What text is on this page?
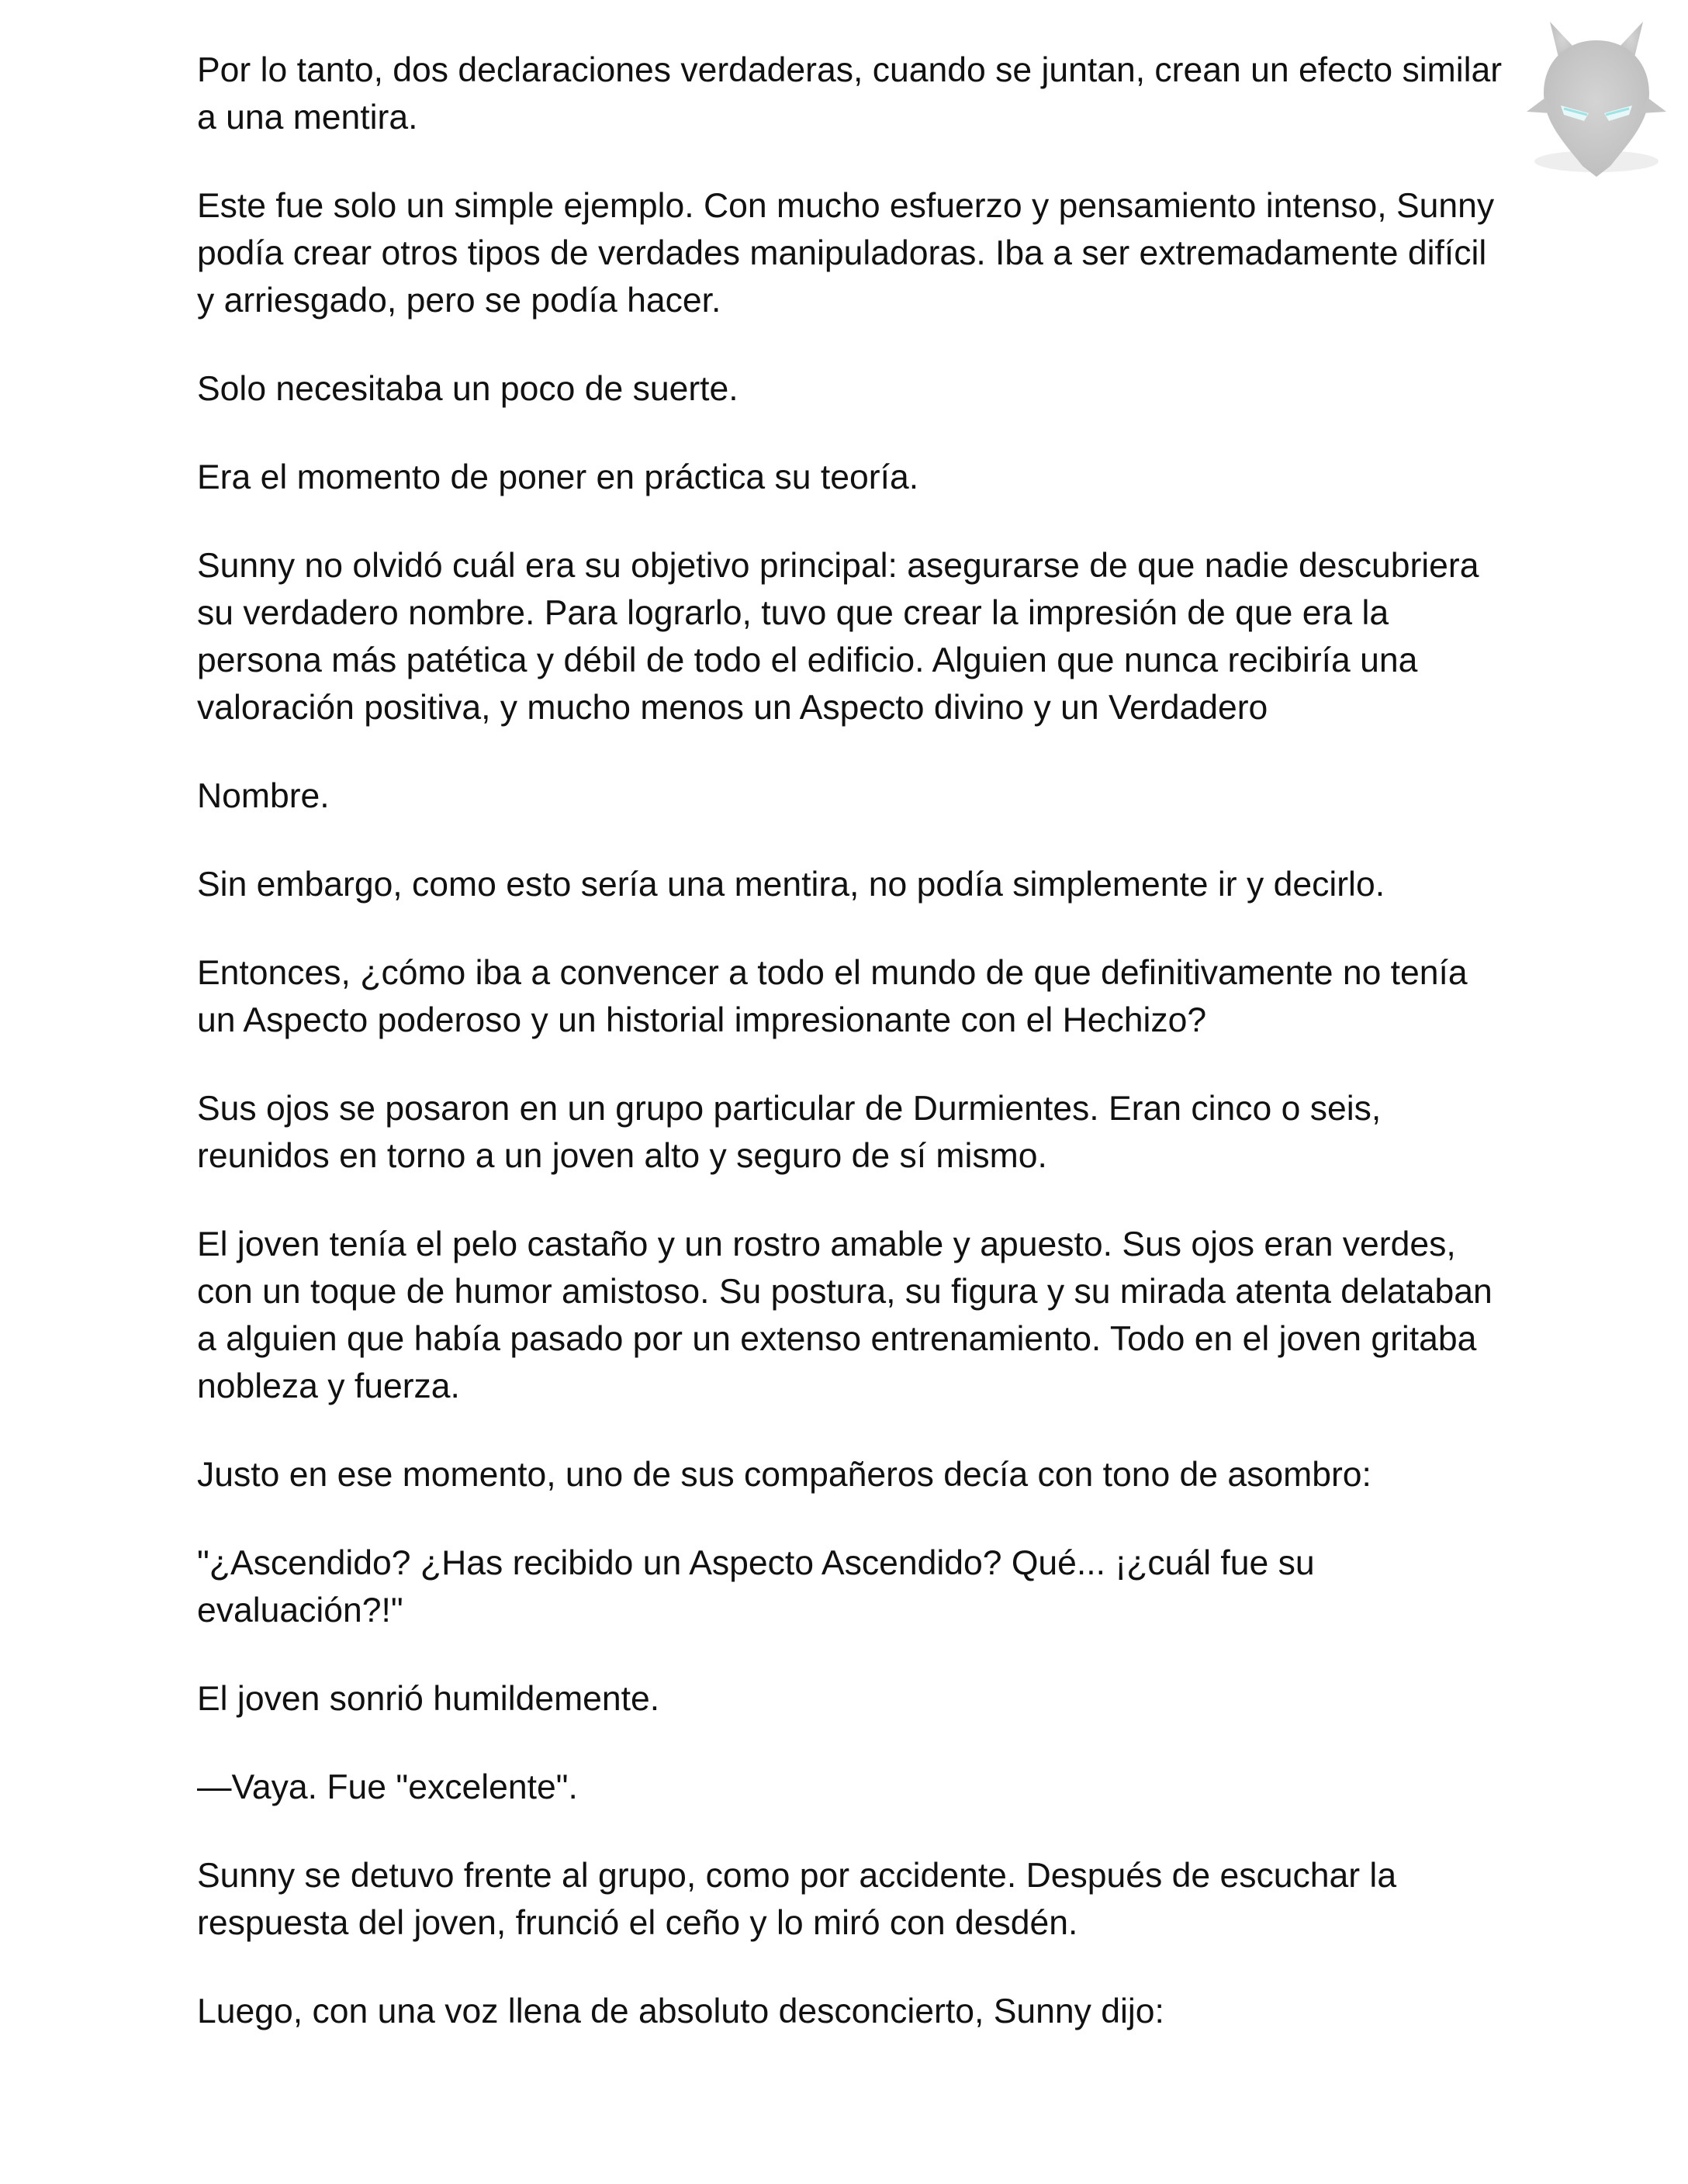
Por lo tanto, dos declaraciones verdaderas, cuando se juntan, crean un efecto similar a una mentira.

Este fue solo un simple ejemplo. Con mucho esfuerzo y pensamiento intenso, Sunny podía crear otros tipos de verdades manipuladoras. Iba a ser extremadamente difícil y arriesgado, pero se podía hacer.

Solo necesitaba un poco de suerte.

Era el momento de poner en práctica su teoría.

Sunny no olvidó cuál era su objetivo principal: asegurarse de que nadie descubriera su verdadero nombre. Para lograrlo, tuvo que crear la impresión de que era la persona más patética y débil de todo el edificio. Alguien que nunca recibiría una valoración positiva, y mucho menos un Aspecto divino y un Verdadero

Nombre.

Sin embargo, como esto sería una mentira, no podía simplemente ir y decirlo.

Entonces, ¿cómo iba a convencer a todo el mundo de que definitivamente no tenía un Aspecto poderoso y un historial impresionante con el Hechizo?

Sus ojos se posaron en un grupo particular de Durmientes. Eran cinco o seis, reunidos en torno a un joven alto y seguro de sí mismo.

El joven tenía el pelo castaño y un rostro amable y apuesto. Sus ojos eran verdes, con un toque de humor amistoso. Su postura, su figura y su mirada atenta delataban a alguien que había pasado por un extenso entrenamiento. Todo en el joven gritaba nobleza y fuerza.

Justo en ese momento, uno de sus compañeros decía con tono de asombro:

"¿Ascendido? ¿Has recibido un Aspecto Ascendido? Qué... ¡¿cuál fue su evaluación?!"

El joven sonrió humildemente.

—Vaya. Fue "excelente".

Sunny se detuvo frente al grupo, como por accidente. Después de escuchar la respuesta del joven, frunció el ceño y lo miró con desdén.

Luego, con una voz llena de absoluto desconcierto, Sunny dijo:
